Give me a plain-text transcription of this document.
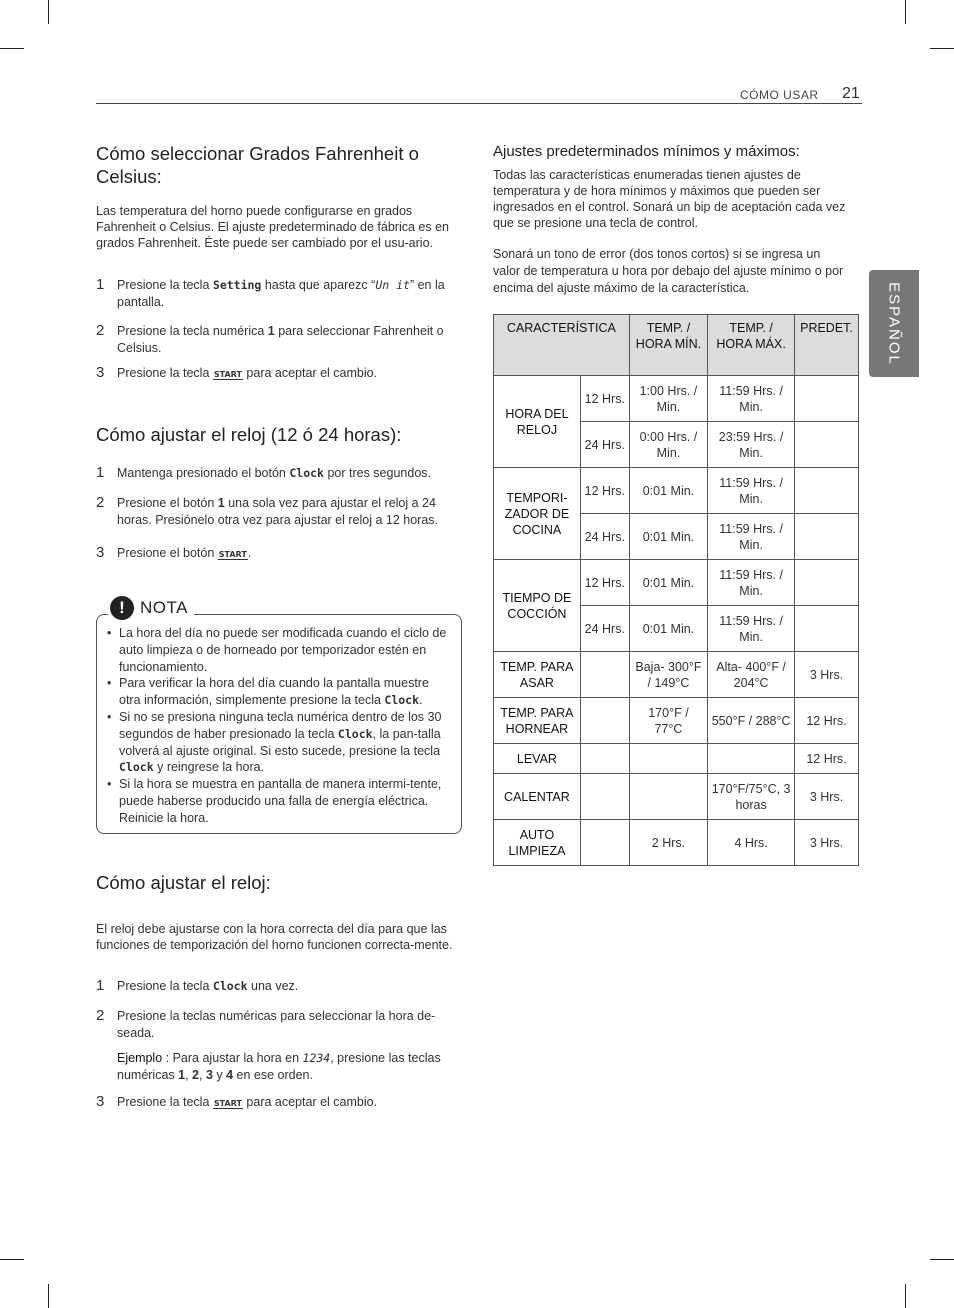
CÓMO USAR 21
ESPAÑOL
Cómo seleccionar Grados Fahrenheit o Celsius:

Las temperatura del horno puede configurarse en grados Fahrenheit o Celsius. El ajuste predeterminado de fábrica es en grados Fahrenheit. Éste puede ser cambiado por el usu-ario.

1 Presione la tecla Setting hasta que aparezc “Un it” en la pantalla.
2 Presione la tecla numérica 1 para seleccionar Fahrenheit o Celsius.
3 Presione la tecla START para aceptar el cambio.
Cómo ajustar el reloj (12 ó 24 horas):
1 Mantenga presionado el botón Clock por tres segundos.
2 Presione el botón 1 una sola vez para ajustar el reloj a 24 horas. Presiónelo otra vez para ajustar el reloj a 12 horas.
3 Presione el botón START.
! NOTA
• La hora del día no puede ser modificada cuando el ciclo de auto limpieza o de horneado por temporizador estén en funcionamiento.
• Para verificar la hora del día cuando la pantalla muestre otra información, simplemente presione la tecla Clock.
• Si no se presiona ninguna tecla numérica dentro de los 30 segundos de haber presionado la tecla Clock, la pan-talla volverá al ajuste original. Si esto sucede, presione la tecla Clock y reingrese la hora.
• Si la hora se muestra en pantalla de manera intermi-tente, puede haberse producido una falla de energía eléctrica. Reinicie la hora.
Cómo ajustar el reloj:

El reloj debe ajustarse con la hora correcta del día para que las funciones de temporización del horno funcionen correcta-mente.

1 Presione la tecla Clock una vez.
2 Presione la teclas numéricas para seleccionar la hora de-seada.
Ejemplo : Para ajustar la hora en 1234, presione las teclas numéricas 1, 2, 3 y 4 en ese orden.
3 Presione la tecla START para aceptar el cambio.
Ajustes predeterminados mínimos y máximos:

Todas las características enumeradas tienen ajustes de temperatura y de hora mínimos y máximos que pueden ser ingresados en el control. Sonará un bip de aceptación cada vez que se presione una tecla de control.

Sonará un tono de error (dos tonos cortos) si se ingresa un valor de temperatura u hora por debajo del ajuste mínimo o por encima del ajuste máximo de la característica.

CARACTERÍSTICA		TEMP. / HORA MÍN.	TEMP. / HORA MÁX.	PREDET.
HORA DEL RELOJ	12 Hrs.	1:00 Hrs. / Min.	11:59 Hrs. / Min.	
	24 Hrs.	0:00 Hrs. / Min.	23:59 Hrs. / Min.	
TEMPORI-ZADOR DE COCINA	12 Hrs.	0:01 Min.	11:59 Hrs. / Min.	
	24 Hrs.	0:01 Min.	11:59 Hrs. / Min.	
TIEMPO DE COCCIÓN	12 Hrs.	0:01 Min.	11:59 Hrs. / Min.	
	24 Hrs.	0:01 Min.	11:59 Hrs. / Min.	
TEMP. PARA ASAR		Baja- 300°F / 149°C	Alta- 400°F / 204°C	3 Hrs.
TEMP. PARA HORNEAR		170°F / 77°C	550°F / 288°C	12 Hrs.
LEVAR				12 Hrs.
CALENTAR			170°F/75°C, 3 horas	3 Hrs.
AUTO LIMPIEZA		2 Hrs.	4 Hrs.	3 Hrs.
